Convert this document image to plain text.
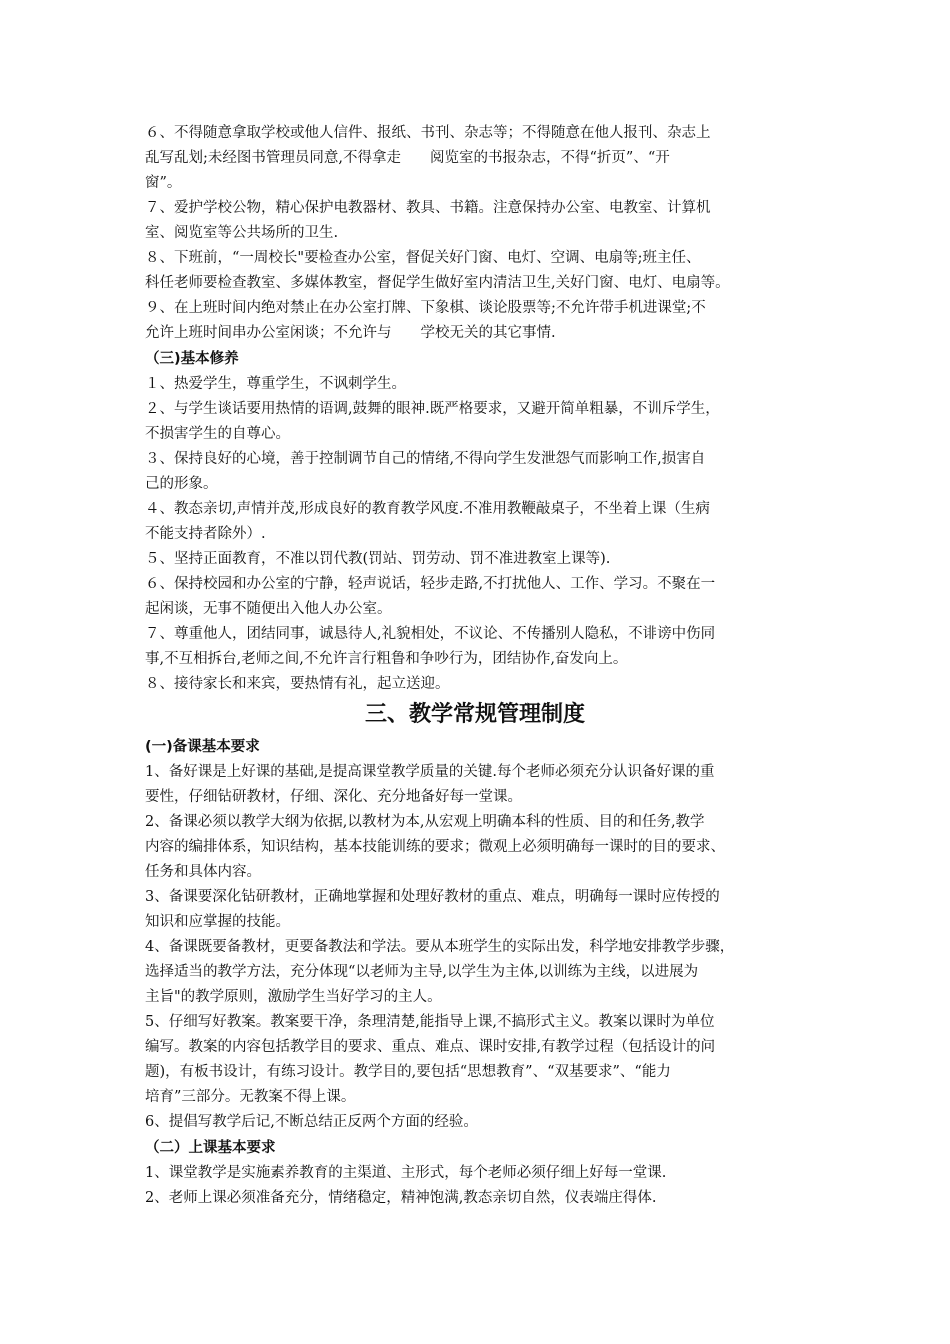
６、不得随意拿取学校或他人信件、报纸、书刊、杂志等；不得随意在他人报刊、杂志上
乱写乱划;未经图书管理员同意,不得拿走　　阅览室的书报杂志，不得“折页”、“开
窗”。
７、爱护学校公物，精心保护电教器材、教具、书籍。注意保持办公室、电教室、计算机
室、阅览室等公共场所的卫生.
８、下班前，“一周校长"要检查办公室，督促关好门窗、电灯、空调、电扇等;班主任、
科任老师要检查教室、多媒体教室，督促学生做好室内清洁卫生,关好门窗、电灯、电扇等。
９、在上班时间内绝对禁止在办公室打牌、下象棋、谈论股票等;不允许带手机进课堂;不
允许上班时间串办公室闲谈；不允许与　　学校无关的其它事情.
（三)基本修养
１、热爱学生，尊重学生，不讽刺学生。
２、与学生谈话要用热情的语调,鼓舞的眼神.既严格要求，又避开简单粗暴，不训斥学生，
不损害学生的自尊心。
３、保持良好的心境，善于控制调节自己的情绪,不得向学生发泄怨气而影响工作,损害自
己的形象。
４、教态亲切,声情并茂,形成良好的教育教学风度.不准用教鞭敲桌子，不坐着上课（生病
不能支持者除外）.
５、坚持正面教育，不准以罚代教(罚站、罚劳动、罚不准进教室上课等).
６、保持校园和办公室的宁静，轻声说话，轻步走路,不打扰他人、工作、学习。不聚在一
起闲谈，无事不随便出入他人办公室。
７、尊重他人，团结同事，诚恳待人,礼貌相处，不议论、不传播别人隐私，不诽谤中伤同
事,不互相拆台,老师之间,不允许言行粗鲁和争吵行为，团结协作,奋发向上。
８、接待家长和来宾，要热情有礼，起立送迎。
三、教学常规管理制度
(一)备课基本要求
1、备好课是上好课的基础,是提高课堂教学质量的关键.每个老师必须充分认识备好课的重
要性，仔细钻研教材，仔细、深化、充分地备好每一堂课。
2、备课必须以教学大纲为依据,以教材为本,从宏观上明确本科的性质、目的和任务,教学
内容的编排体系，知识结构，基本技能训练的要求；微观上必须明确每一课时的目的要求、
任务和具体内容。
3、备课要深化钻研教材，正确地掌握和处理好教材的重点、难点，明确每一课时应传授的
知识和应掌握的技能。
4、备课既要备教材，更要备教法和学法。要从本班学生的实际出发，科学地安排教学步骤，
选择适当的教学方法，充分体现“以老师为主导,以学生为主体,以训练为主线，以进展为
主旨"的教学原则，激励学生当好学习的主人。
5、仔细写好教案。教案要干净，条理清楚,能指导上课,不搞形式主义。教案以课时为单位
编写。教案的内容包括教学目的要求、重点、难点、课时安排,有教学过程（包括设计的问
题)，有板书设计，有练习设计。教学目的,要包括“思想教育”、“双基要求”、“能力
培育”三部分。无教案不得上课。
6、提倡写教学后记,不断总结正反两个方面的经验。
（二）上课基本要求
1、课堂教学是实施素养教育的主渠道、主形式，每个老师必须仔细上好每一堂课.
2、老师上课必须准备充分，情绪稳定，精神饱满,教态亲切自然，仪表端庄得体.
